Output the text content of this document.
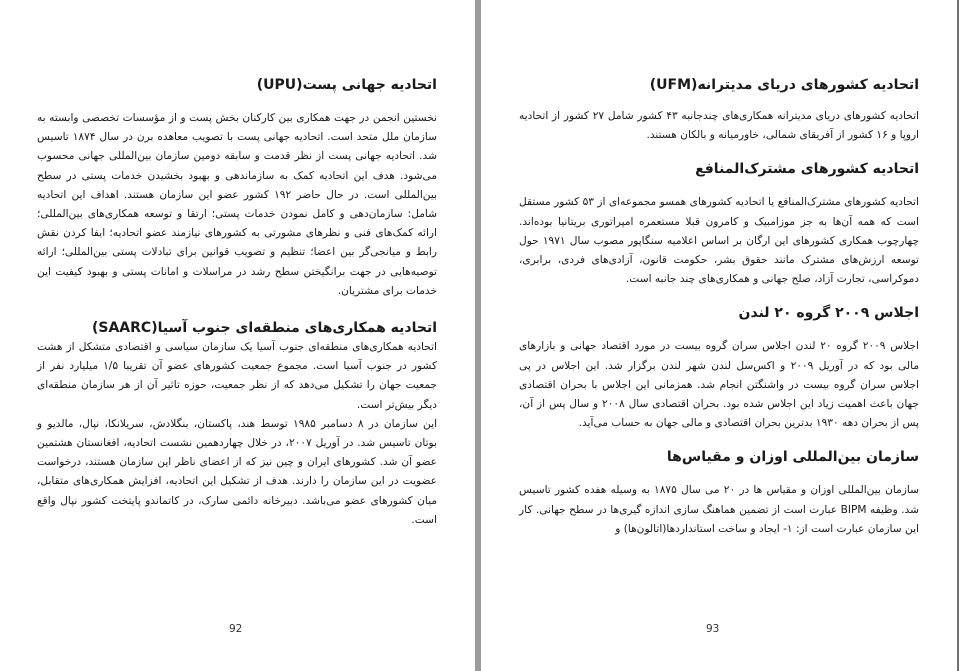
اتحادیه جهانی پست(UPU)

نخستین انجمن در جهت همکاری بین کارکنان بخش پست و از مؤسسات تخصصی وابسته به سازمان ملل متحد است. اتحادیه جهانی پست با تصویب معاهده برن در سال ۱۸۷۴ تاسیس شد. اتحادیه جهانی پست از نظر قدمت و سابقه دومین سازمان بین‌المللی جهانی محسوب می‌شود. هدف این اتحادیه کمک به سازماندهی و بهبود بخشیدن خدمات پستی در سطح بین‌المللی است. در حال حاضر ۱۹۲ کشور عضو این سازمان هستند. اهداف این اتحادیه شامل: سازمان‌دهی و کامل نمودن خدمات پستی؛ ارتقا و توسعه همکاری‌های بین‌المللی؛ ارائه کمک‌های فنی و نظرهای مشورتی به کشورهای نیازمند عضو اتحادیه؛ ایفا کردن نقش رابط و میانجی‌گر بین اعضا؛ تنظیم و تصویب قوانین برای تبادلات پستی بین‌المللی؛ ارائه توصیه‌هایی در جهت برانگیختن سطح رشد در مراسلات و امانات پستی و بهبود کیفیت این خدمات برای مشتریان.

اتحادیه همکاری‌های منطقه‌ای جنوب آسیا(SAARC)

اتحادیه همکاری‌های منطقه‌ای جنوب آسیا یک سازمان سیاسی و اقتصادی متشکل از هشت کشور در جنوب آسیا است. مجموع جمعیت کشورهای عضو آن تقریبا ۱/۵ میلیارد نفر از جمعیت جهان را تشکیل می‌دهد که از نظر جمعیت، حوزه تاثیر آن از هر سازمان منطقه‌ای دیگر بیش‌تر است.

این سازمان در ۸ دسامبر ۱۹۸۵ توسط هند، پاکستان، بنگلادش، سریلانکا، نپال، مالدیو و بوتان تاسیس شد. در آوریل ۲۰۰۷، در خلال چهاردهمین نشست اتحادیه، افغانستان هشتمین عضو آن شد. کشورهای ایران و چین نیز که از اعضای ناظر این سازمان هستند، درخواست عضویت در این سازمان را دارند. هدف از تشکیل این اتحادیه، افزایش همکاری‌های متقابل، میان کشورهای عضو می‌باشد. دبیرخانه دائمی سارک، در کاتماندو پایتخت کشور نپال واقع است.

92
اتحادیه کشورهای دریای مدیترانه(UFM)

اتحادیه کشورهای دریای مدیترانه همکاری‌های چندجانبه ۴۳ کشور شامل ۲۷ کشور از اتحادیه اروپا و ۱۶ کشور از آفریقای شمالی، خاورمیانه و بالکان هستند.

اتحادیه کشورهای مشترک‌المنافع

اتحادیه کشورهای مشترک‌المنافع یا اتحادیه کشورهای همسو مجموعه‌ای از ۵۳ کشور مستقل است که همه آن‌ها به جز موزامبیک و کامرون قبلا مستعمره امپراتوری بریتانیا بوده‌اند. چهارچوب همکاری کشورهای این ارگان بر اساس اعلامیه سنگاپور مصوب سال ۱۹۷۱ حول توسعه ارزش‌های مشترک مانند حقوق بشر، حکومت قانون، آزادی‌های فردی، برابری، دموکراسی، تجارت آزاد، صلح جهانی و همکاری‌های چند جانبه است.

اجلاس ۲۰۰۹ گروه ۲۰ لندن

اجلاس ۲۰۰۹ گروه ۲۰ لندن اجلاس سران گروه بیست در مورد اقتصاد جهانی و بازارهای مالی بود که در آوریل ۲۰۰۹ و اکس‌سل لندن شهر لندن برگزار شد. این اجلاس در پی اجلاس سران گروه بیست در واشنگتن انجام شد. همزمانی این اجلاس با بحران اقتصادی جهان باعث اهمیت زیاد این اجلاس شده بود. بحران اقتصادی سال ۲۰۰۸ و سال پس از آن، پس از بحران دهه ۱۹۳۰ بدترین بحران اقتصادی و مالی جهان به حساب می‌آید.

سازمان بین‌المللی اوزان و مقیاس‌ها

سازمان بین‌المللی اوزان و مقیاس ها در ۲۰ می سال ۱۸۷۵ به وسیله هفده کشور تاسیس شد. وظیفه BIPM عبارت است از تضمین هماهنگ سازی اندازه گیری‌ها در سطح جهانی. کار این سازمان عبارت است از: ۱- ایجاد و ساخت استانداردها(اتالون‌ها) و

93
